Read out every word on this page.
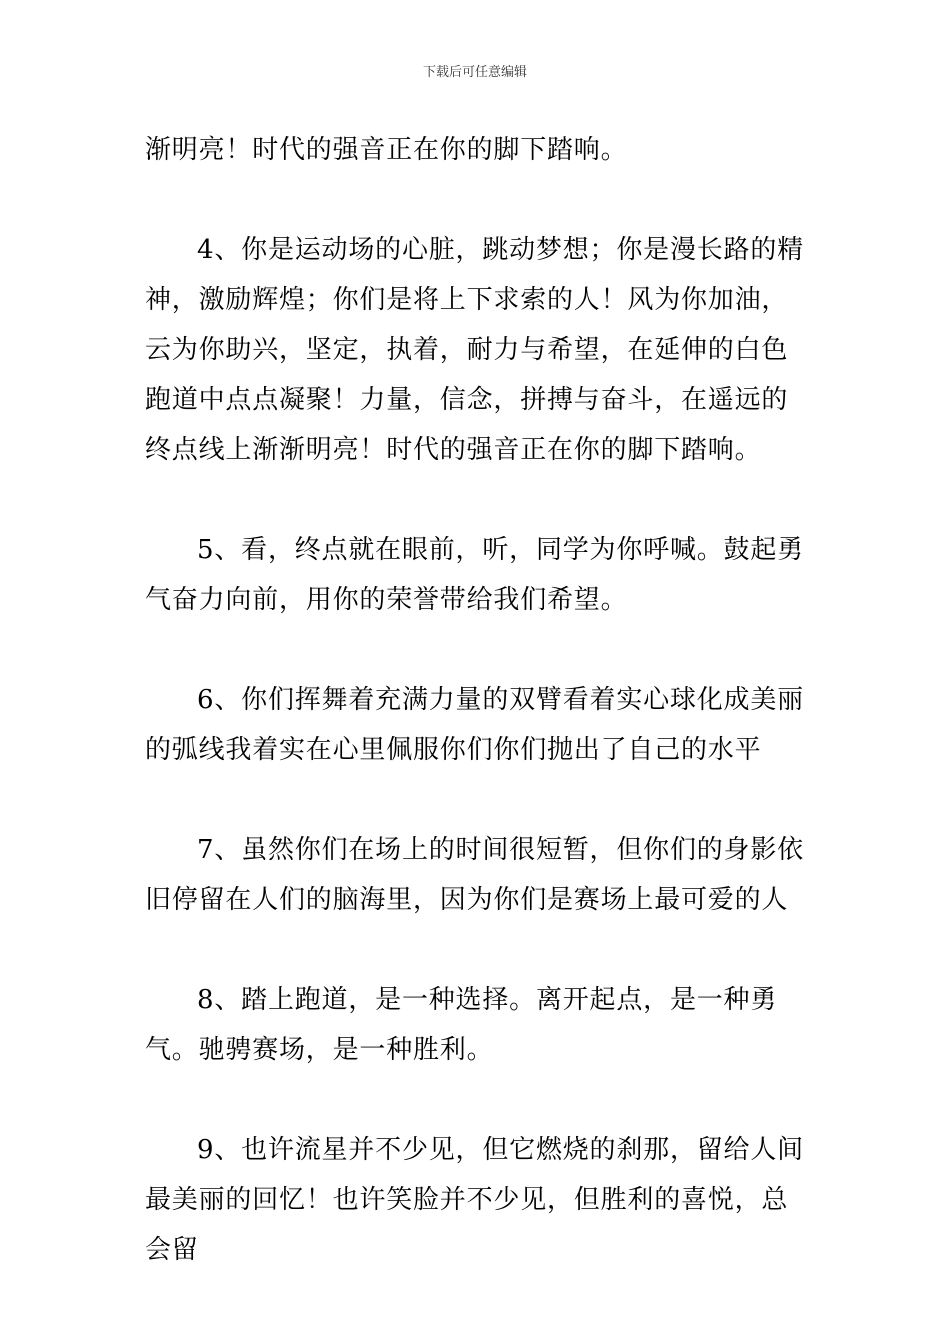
下载后可任意编辑

渐明亮！时代的强音正在你的脚下踏响。

4、你是运动场的心脏，跳动梦想；你是漫长路的精神，激励辉煌；你们是将上下求索的人！风为你加油，云为你助兴，坚定，执着，耐力与希望，在延伸的白色跑道中点点凝聚！力量，信念，拼搏与奋斗，在遥远的终点线上渐渐明亮！时代的强音正在你的脚下踏响。

5、看，终点就在眼前，听，同学为你呼喊。鼓起勇气奋力向前，用你的荣誉带给我们希望。

6、你们挥舞着充满力量的双臂看着实心球化成美丽的弧线我着实在心里佩服你们你们抛出了自己的水平

7、虽然你们在场上的时间很短暂，但你们的身影依旧停留在人们的脑海里，因为你们是赛场上最可爱的人

8、踏上跑道，是一种选择。离开起点，是一种勇气。驰骋赛场，是一种胜利。

9、也许流星并不少见，但它燃烧的刹那，留给人间最美丽的回忆！也许笑脸并不少见，但胜利的喜悦，总会留
